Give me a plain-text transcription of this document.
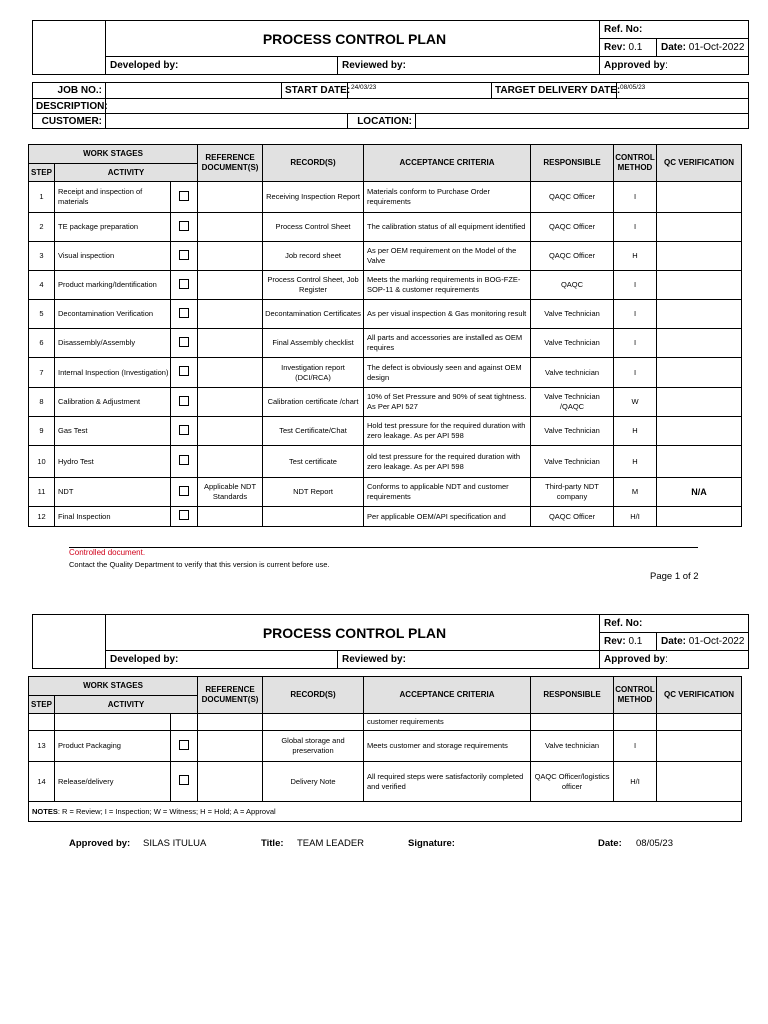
	PROCESS CONTROL PLAN		Ref. No:	
			Rev: 0.1	Date: 01-Oct-2022
	Developed by:	Reviewed by:	Approved by:	
JOB NO.:		START DATE:	24/03/23		TARGET DELIVERY DATE:	08/05/23
DESCRIPTION:						
CUSTOMER:			LOCATION:			
WORK STAGES			REFERENCE DOCUMENT(S)	RECORD(S)	ACCEPTANCE CRITERIA	RESPONSIBLE	CONTROL METHOD	QC VERIFICATION
STEP	ACTIVITY							
1	Receipt and inspection of materials			Receiving Inspection Report	Materials conform to Purchase Order requirements	QAQC Officer	I	
2	TE package preparation			Process Control Sheet	The calibration status of all equipment identified	QAQC Officer	I	
3	Visual inspection			Job record sheet	As per OEM requirement on the Model of the Valve	QAQC Officer	H	
4	Product marking/Identification			Process Control Sheet, Job Register	Meets the marking requirements in BOG-FZE-SOP-11 & customer requirements	QAQC	I	
5	Decontamination Verification			Decontamination Certificates	As per visual inspection & Gas monitoring result	Valve Technician	I	
6	Disassembly/Assembly			Final Assembly checklist	All parts and accessories are installed as OEM requires	Valve Technician	I	
7	Internal Inspection (Investigation)			Investigation report (DCI/RCA)	The defect is obviously seen and against OEM design	Valve technician	I	
8	Calibration & Adjustment			Calibration certificate /chart	10% of Set Pressure and 90% of seat tightness. As Per API 527	Valve Technician /QAQC	W	
9	Gas Test			Test Certificate/Chat	Hold test pressure for the required duration with zero leakage. As per API 598	Valve Technician	H	
10	Hydro Test			Test certificate	old test pressure for the required duration with zero leakage. As per API 598	Valve Technician	H	
11	NDT		Applicable NDT Standards	NDT Report	Conforms to applicable NDT and customer requirements	Third-party NDT company	M	N/A
12	Final Inspection				Per applicable OEM/API specification and	QAQC Officer	H/I	
Controlled document.
Contact the Quality Department to verify that this version is current before use.
Page 1 of 2
	PROCESS CONTROL PLAN		Ref. No:	
			Rev: 0.1	Date: 01-Oct-2022
	Developed by:	Reviewed by:	Approved by:	
WORK STAGES			REFERENCE DOCUMENT(S)	RECORD(S)	ACCEPTANCE CRITERIA	RESPONSIBLE	CONTROL METHOD	QC VERIFICATION
STEP	ACTIVITY							
					customer requirements			
13	Product Packaging			Global storage and preservation	Meets customer and storage requirements	Valve technician	I	
14	Release/delivery			Delivery Note	All required steps were satisfactorily completed and verified	QAQC Officer/logistics officer	H/I	
NOTES: R = Review; I = Inspection; W = Witness; H = Hold; A = Approval								
Approved by: SILAS ITULUA	Title: TEAM LEADER	Signature:	Date: 08/05/23
